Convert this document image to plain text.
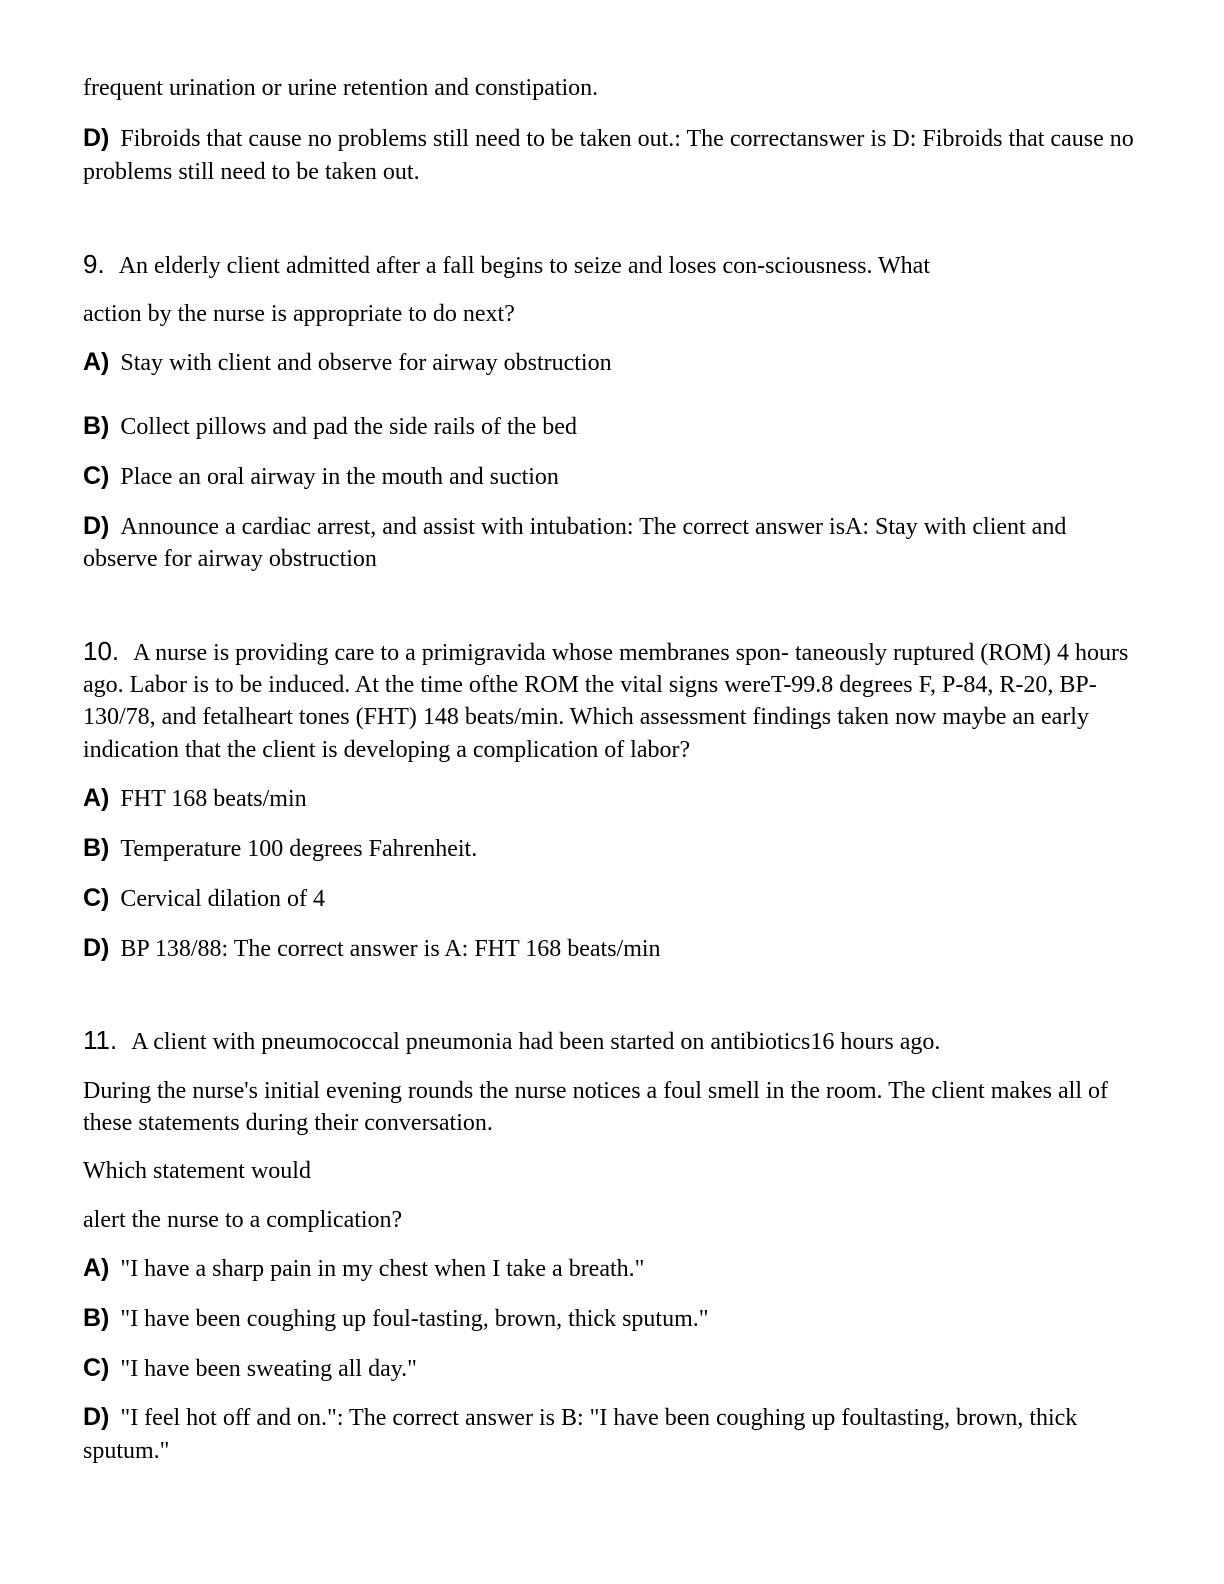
frequent urination or urine retention and constipation.

D) Fibroids that cause no problems still need to be taken out.: The correctanswer is D: Fibroids that cause no problems still need to be taken out.

9. An elderly client admitted after a fall begins to seize and loses con-sciousness. What

action by the nurse is appropriate to do next?

A) Stay with client and observe for airway obstruction

B) Collect pillows and pad the side rails of the bed

C) Place an oral airway in the mouth and suction

D) Announce a cardiac arrest, and assist with intubation: The correct answer isA: Stay with client and observe for airway obstruction

10. A nurse is providing care to a primigravida whose membranes spon- taneously ruptured (ROM) 4 hours ago. Labor is to be induced. At the time ofthe ROM the vital signs wereT-99.8 degrees F, P-84, R-20, BP-130/78, and fetalheart tones (FHT) 148 beats/min. Which assessment findings taken now maybe an early indication that the client is developing a complication of labor?

A) FHT 168 beats/min

B) Temperature 100 degrees Fahrenheit.

C) Cervical dilation of 4

D) BP 138/88: The correct answer is A: FHT 168 beats/min

11. A client with pneumococcal pneumonia had been started on antibiotics16 hours ago.

During the nurse's initial evening rounds the nurse notices a foul smell in the room. The client makes all of these statements during their conversation.

Which statement would

alert the nurse to a complication?

A) "I have a sharp pain in my chest when I take a breath."

B) "I have been coughing up foul-tasting, brown, thick sputum."

C) "I have been sweating all day."

D) "I feel hot off and on.": The correct answer is B: "I have been coughing up foultasting, brown, thick sputum."
